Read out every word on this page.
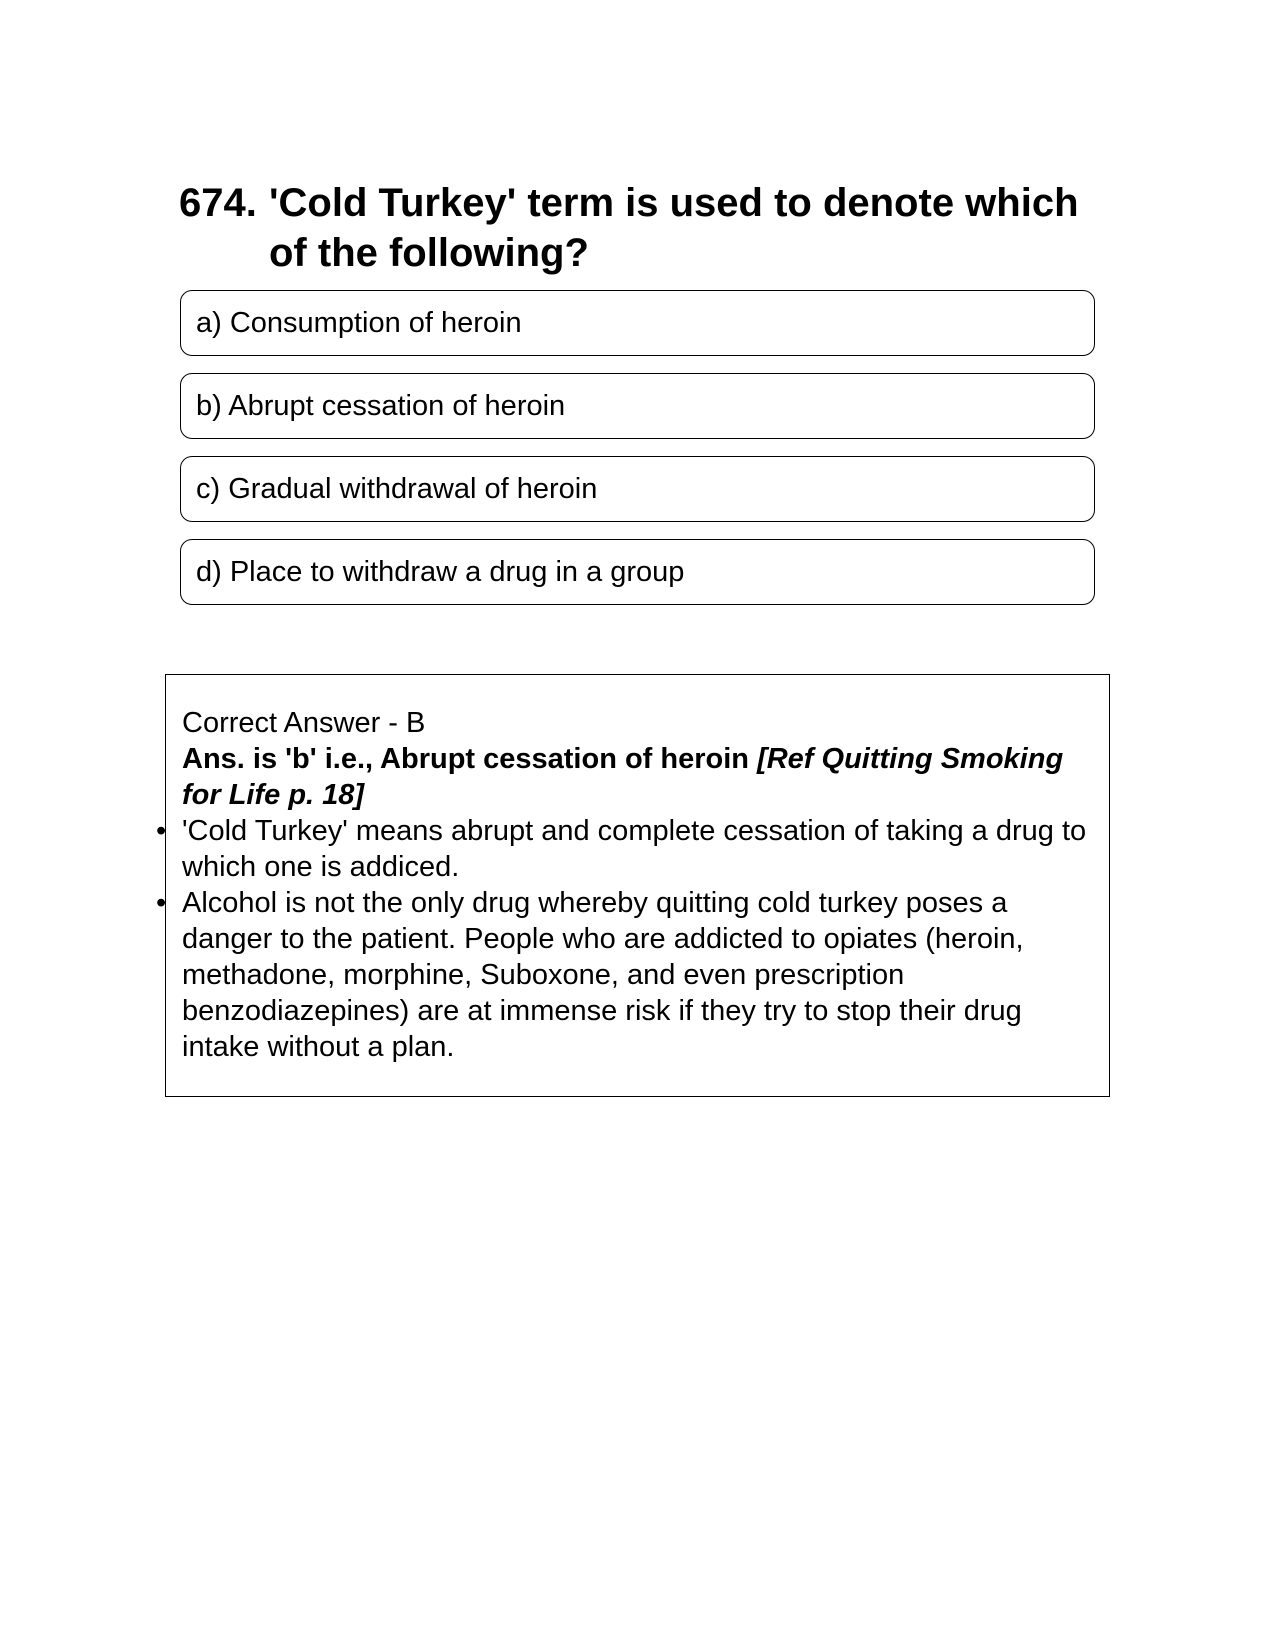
674. 'Cold Turkey' term is used to denote which of the following?
a) Consumption of heroin
b) Abrupt cessation of heroin
c) Gradual withdrawal of heroin
d) Place to withdraw a drug in a group

Correct Answer - B

Ans. is 'b' i.e., Abrupt cessation of heroin [Ref Quitting Smoking for Life p. 18]

• 'Cold Turkey' means abrupt and complete cessation of taking a drug to which one is addiced.
• Alcohol is not the only drug whereby quitting cold turkey poses a danger to the patient. People who are addicted to opiates (heroin, methadone, morphine, Suboxone, and even prescription benzodiazepines) are at immense risk if they try to stop their drug intake without a plan.
